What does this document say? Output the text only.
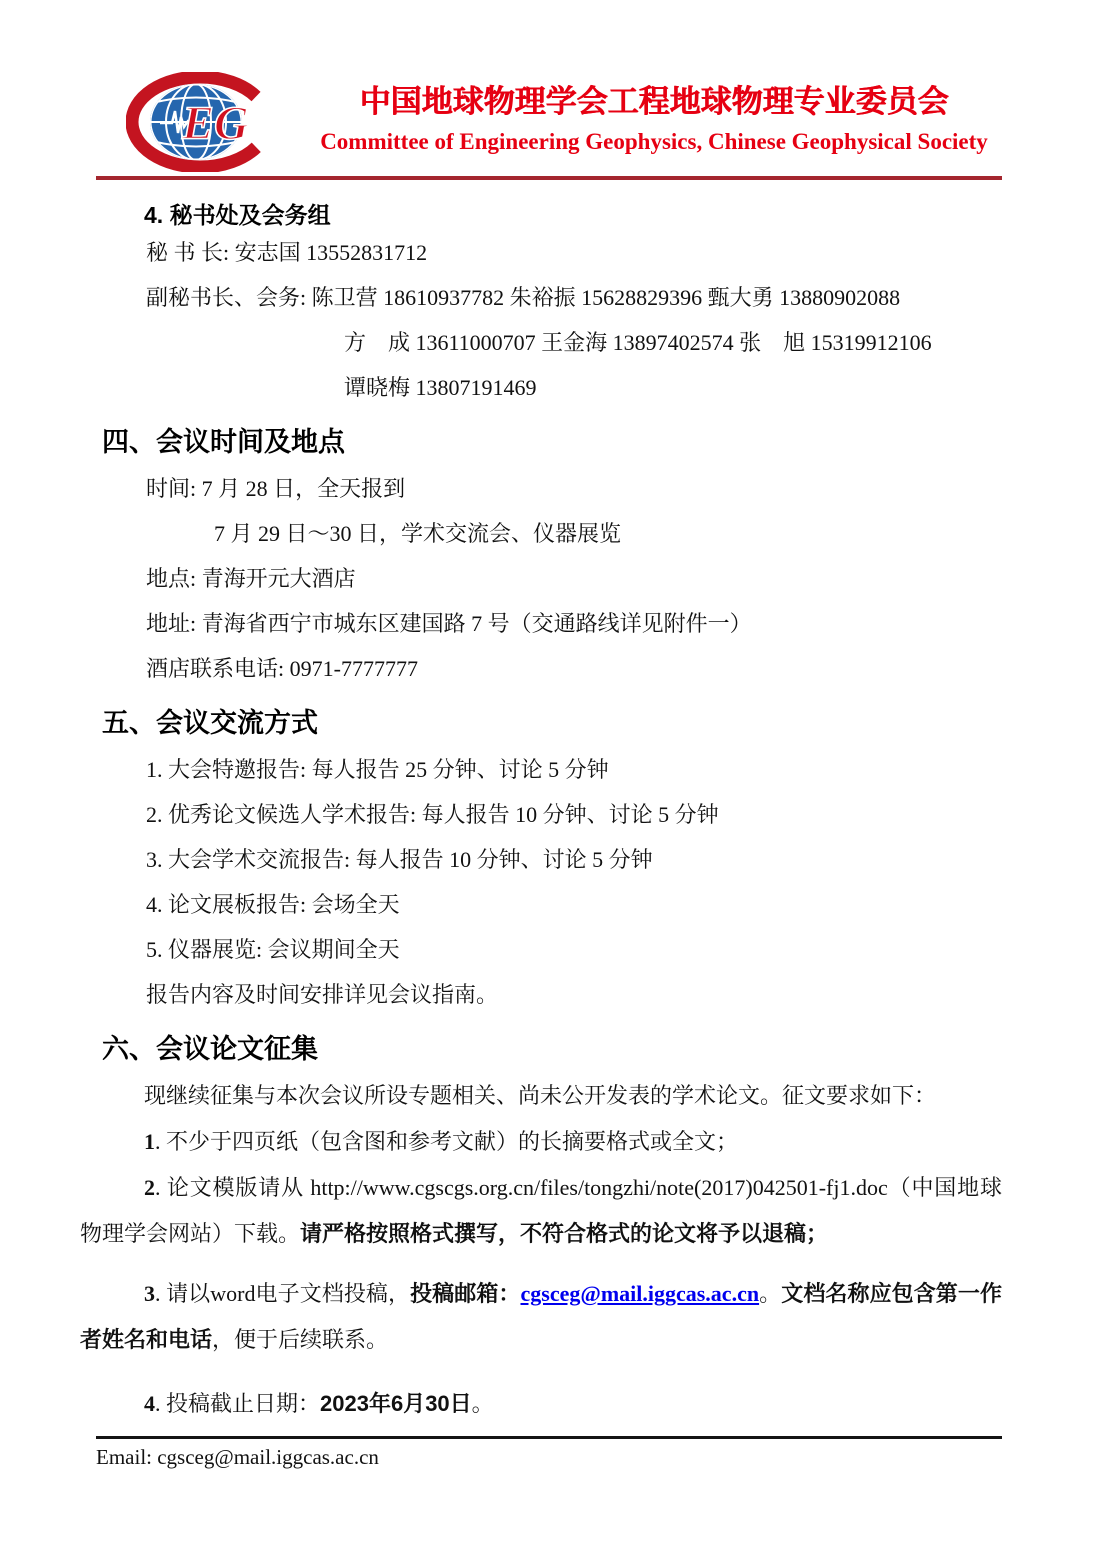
EG	中国地球物理学会工程地球物理专业委员会
Committee of Engineering Geophysics, Chinese Geophysical Society
4. 秘书处及会务组

秘 书 长: 安志国 13552831712

副秘书长、会务: 陈卫营 18610937782 朱裕振 15628829396 甄大勇 13880902088

方　成 13611000707 王金海 13897402574 张　旭 15319912106

谭晓梅 13807191469

四、会议时间及地点

时间: 7 月 28 日，全天报到

7 月 29 日～30 日，学术交流会、仪器展览

地点: 青海开元大酒店

地址: 青海省西宁市城东区建国路 7 号（交通路线详见附件一）

酒店联系电话: 0971-7777777

五、会议交流方式

1. 大会特邀报告: 每人报告 25 分钟、讨论 5 分钟

2. 优秀论文候选人学术报告: 每人报告 10 分钟、讨论 5 分钟

3. 大会学术交流报告: 每人报告 10 分钟、讨论 5 分钟

4. 论文展板报告: 会场全天

5. 仪器展览: 会议期间全天

报告内容及时间安排详见会议指南。

六、会议论文征集

现继续征集与本次会议所设专题相关、尚未公开发表的学术论文。征文要求如下：

1. 不少于四页纸（包含图和参考文献）的长摘要格式或全文；

2. 论文模版请从 http://www.cgscgs.org.cn/files/tongzhi/note(2017)042501-fj1.doc（中国地球物理学会网站）下载。请严格按照格式撰写，不符合格式的论文将予以退稿；

3. 请以word电子文档投稿，投稿邮箱：cgsceg@mail.iggcas.ac.cn。文档名称应包含第一作者姓名和电话，便于后续联系。

4. 投稿截止日期：2023年6月30日。

Email: cgsceg@mail.iggcas.ac.cn
